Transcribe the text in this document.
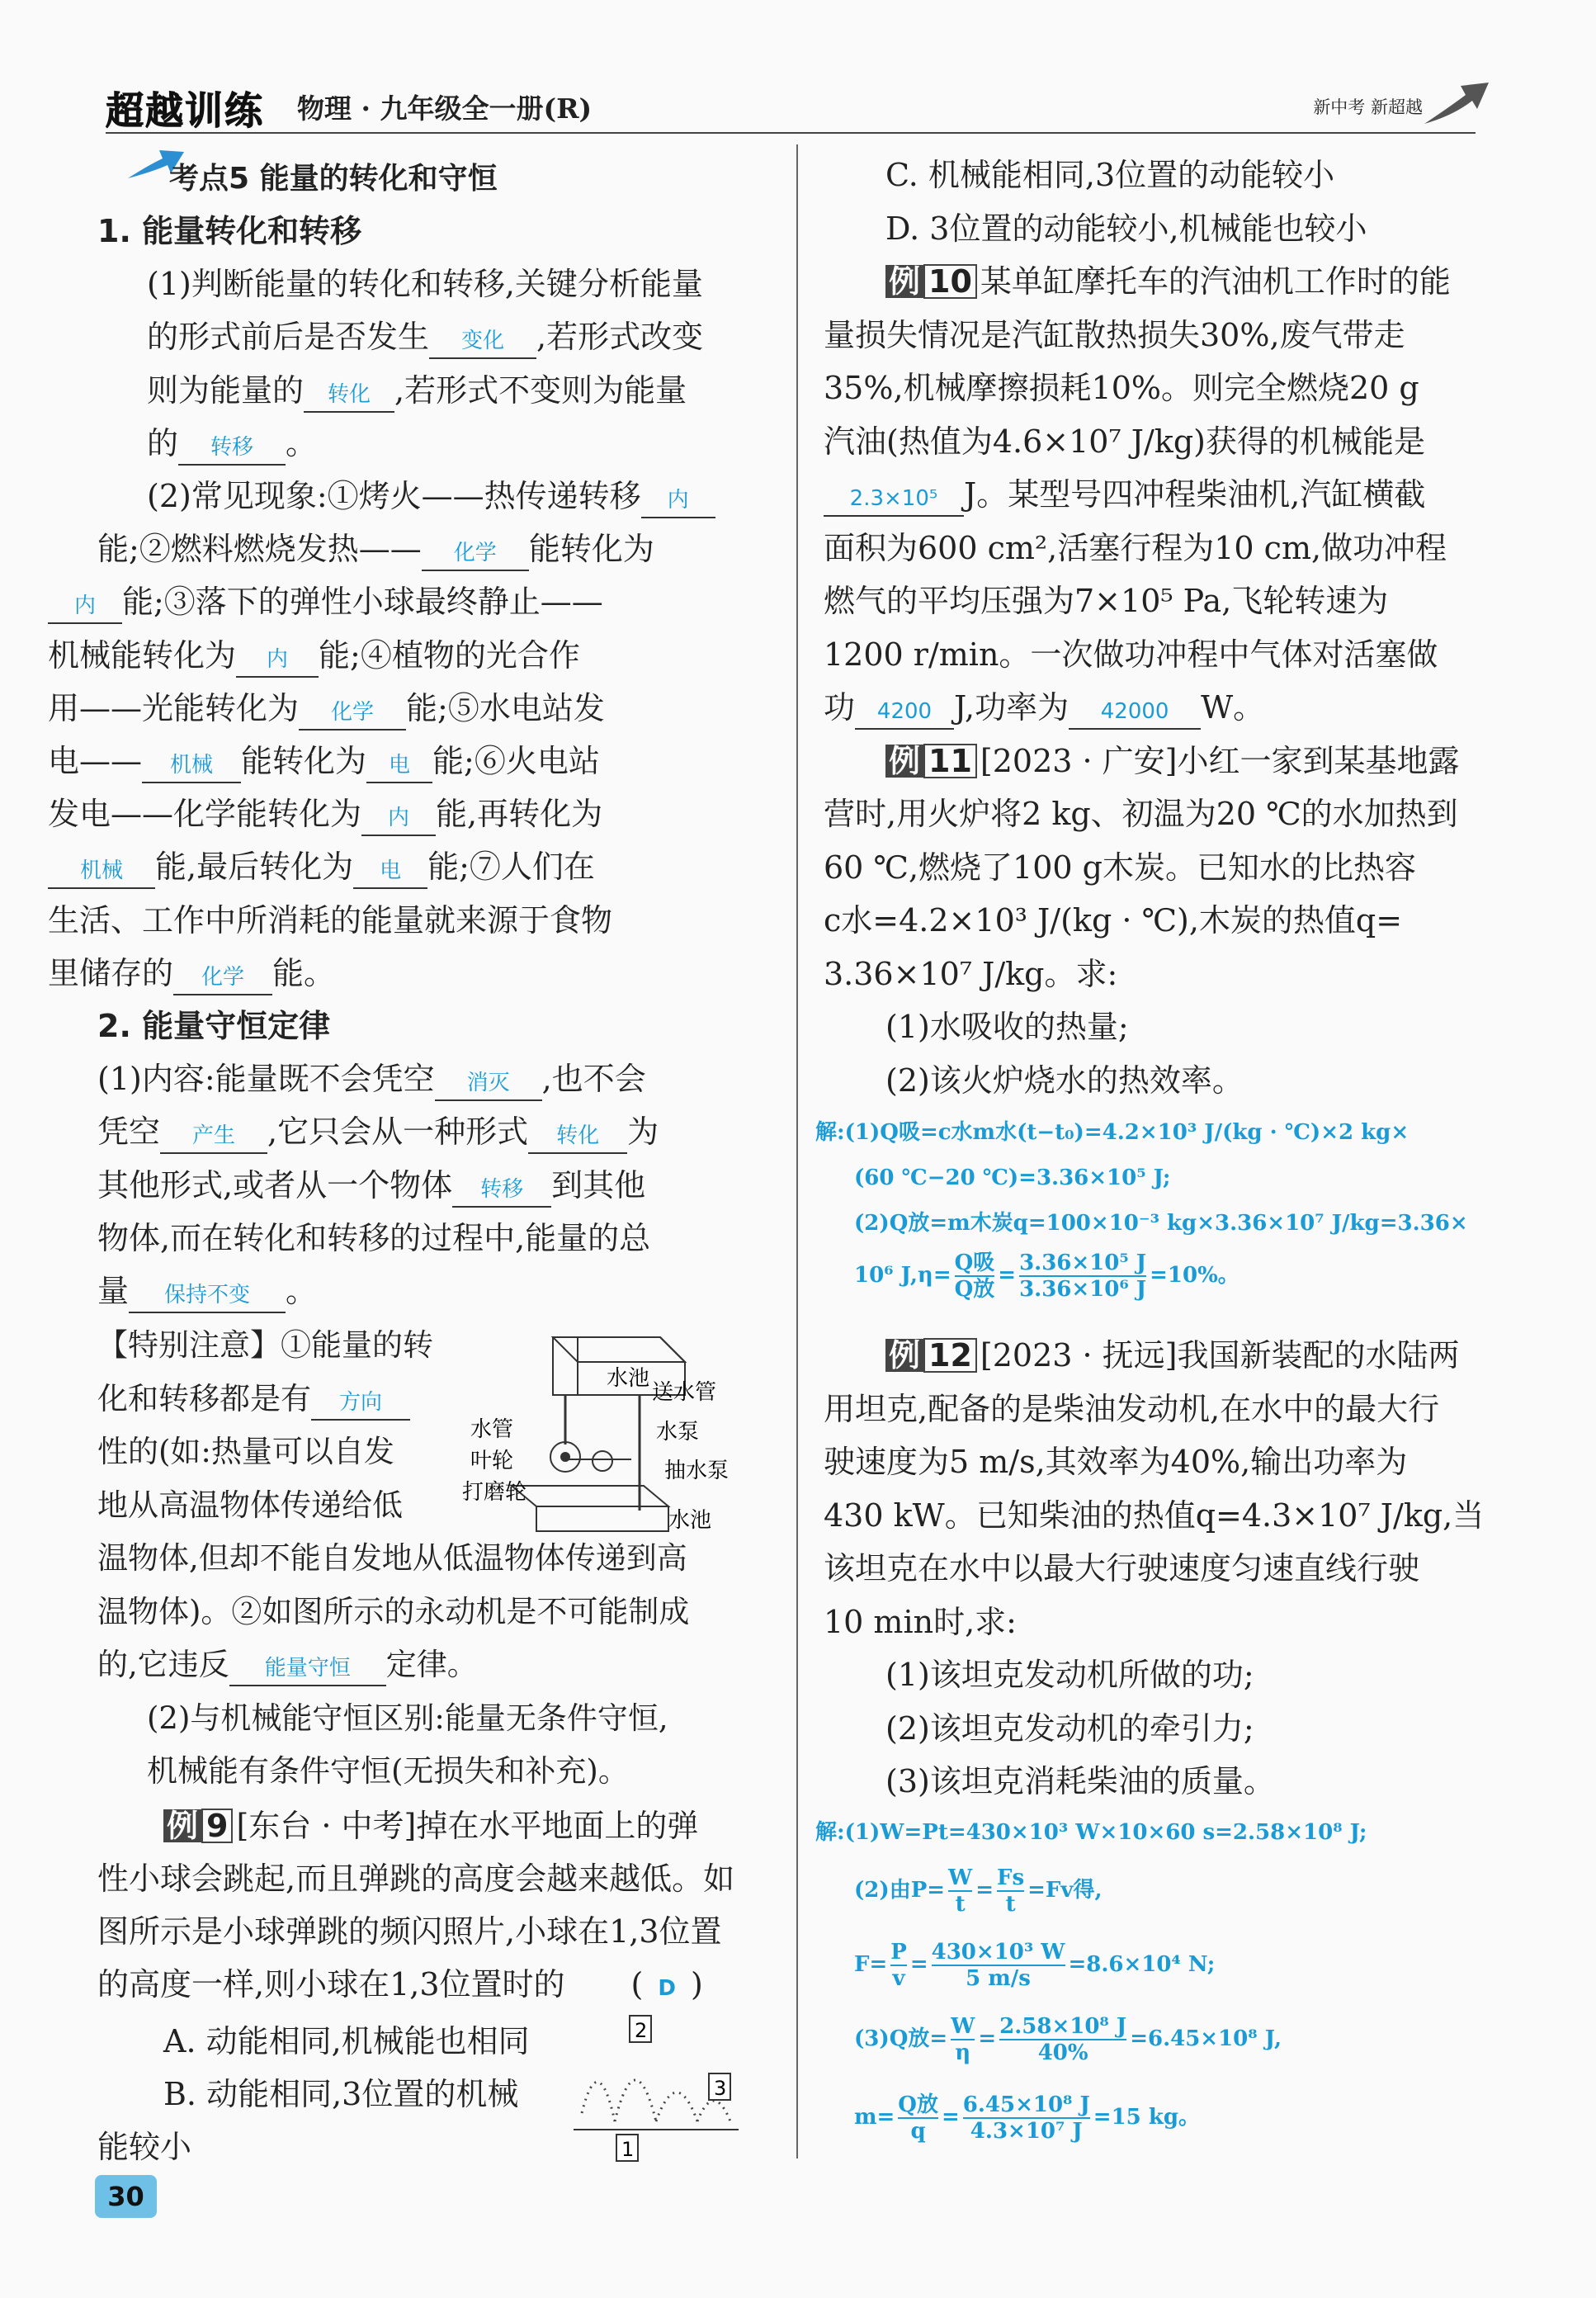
超越训练 物理 · 九年级全一册(R)	新中考 新超越
考点5 能量的转化和守恒

1. 能量转化和转移

(1)判断能量的转化和转移,关键分析能量

的形式前后是否发生 变化 ,若形式改变

则为能量的 转化 ,若形式不变则为能量

的 转移 。

(2)常见现象:①烤火——热传递转移 内

能;②燃料燃烧发热—— 化学 能转化为

内 能;③落下的弹性小球最终静止——

机械能转化为 内 能;④植物的光合作

用——光能转化为 化学 能;⑤水电站发

电—— 机械 能转化为 电 能;⑥火电站

发电——化学能转化为 内 能,再转化为

机械 能,最后转化为 电 能;⑦人们在

生活、工作中所消耗的能量就来源于食物

里储存的 化学 能。

2. 能量守恒定律

(1)内容:能量既不会凭空 消灭 ,也不会

凭空 产生 ,它只会从一种形式 转化 为

其他形式,或者从一个物体 转移 到其他

物体,而在转化和转移的过程中,能量的总

量 保持不变 。

【特别注意】①能量的转

化和转移都是有 方向

性的(如:热量可以自发

地从高温物体传递给低

温物体,但却不能自发地从低温物体传递到高

温物体)。②如图所示的永动机是不可能制成

的,它违反 能量守恒 定律。

(2)与机械能守恒区别:能量无条件守恒,

机械能有条件守恒(无损失和补充)。

水池
水管
叶轮
打磨轮
送水管
水泵
抽水泵
水池

例 9 [东台 · 中考]掉在水平地面上的弹

性小球会跳起,而且弹跳的高度会越来越低。如

图所示是小球弹跳的频闪照片,小球在1,3位置

的高度一样,则小球在1,3位置时的 ( D )

A. 动能相同,机械能也相同

B. 动能相同,3位置的机械

能较小

2
3
1

C. 机械能相同,3位置的动能较小

D. 3位置的动能较小,机械能也较小

例 10 某单缸摩托车的汽油机工作时的能

量损失情况是汽缸散热损失30%,废气带走

35%,机械摩擦损耗10%。则完全燃烧20 g

汽油(热值为4.6×10⁷ J/kg)获得的机械能是

2.3×10⁵ J。某型号四冲程柴油机,汽缸横截

面积为600 cm²,活塞行程为10 cm,做功冲程

燃气的平均压强为7×10⁵ Pa,飞轮转速为

1200 r/min。一次做功冲程中气体对活塞做

功 4200 J,功率为 42000 W。

例 11 [2023 · 广安]小红一家到某基地露

营时,用火炉将2 kg、初温为20 ℃的水加热到

60 ℃,燃烧了100 g木炭。已知水的比热容

c水=4.2×10³ J/(kg · ℃),木炭的热值q=

3.36×10⁷ J/kg。求:

(1)水吸收的热量;

(2)该火炉烧水的热效率。

解:(1)Q吸=c水m水(t−t₀)=4.2×10³ J/(kg · ℃)×2 kg×
(60 ℃−20 ℃)=3.36×10⁵ J;
(2)Q放=m木炭q=100×10⁻³ kg×3.36×10⁷ J/kg=3.36×
10⁶ $J,\eta= \frac{\text{Q吸}}{\text{Q放}} = \frac{\text{3.36×10⁵ J}}{\text{3.36×10⁶ J}} =10\%$。

例 12 [2023 · 抚远]我国新装配的水陆两

用坦克,配备的是柴油发动机,在水中的最大行

驶速度为5 m/s,其效率为40%,输出功率为

430 kW。已知柴油的热值q=4.3×10⁷ J/kg,当

该坦克在水中以最大行驶速度匀速直线行驶

10 min时,求:

(1)该坦克发动机所做的功;

(2)该坦克发动机的牵引力;

(3)该坦克消耗柴油的质量。

解:(1)W=Pt=430×10³ W×10×60 s=2.58×10⁸ J;
(2)由$P= \frac{W}{t} = \frac{Fs}{t} =Fv$得,
$F= \frac{P}{v} = \frac{\text{430×10³ W}}{5 m/s} =8.6\times 10^4$ N;
(3)Q放= $\frac{W}{\eta} = \frac{\text{2.58×10⁸ J}}{40\%} =6.45\times 10^8$ J,
$m= \frac{\text{Q放}}{q} = \frac{\text{6.45×10⁸ J}}{\text{4.3×10⁷ J}} =15$ kg。
30
